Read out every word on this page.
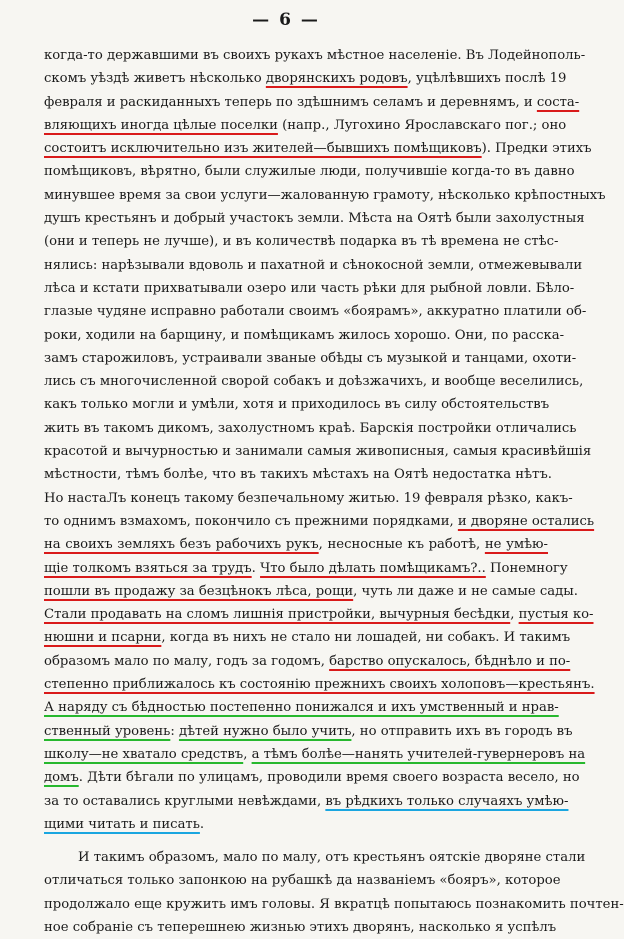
— 6 —
когда-то державшими въ своихъ рукахъ мѣстное населеніе. Въ Лодейнополь-
скомъ уѣздѣ живетъ нѣсколько дворянскихъ родовъ, уцѣлѣвшихъ послѣ 19
февраля и раскиданныхъ теперь по здѣшнимъ селамъ и деревнямъ, и соста-
вляющихъ иногда цѣлые поселки (напр., Лугохино Ярославскаго пог.; оно
состоитъ исключительно изъ жителей—бывшихъ помѣщиковъ). Предки этихъ
помѣщиковъ, вѣрятно, были служилые люди, получившіе когда-то въ давно
минувшее время за свои услуги—жалованную грамоту, нѣсколько крѣпостныхъ
душъ крестьянъ и добрый участокъ земли. Мѣста на Оятѣ были захолустныя
(они и теперь не лучше), и въ количествѣ подарка въ тѣ времена не стѣс-
нялись: нарѣзывали вдоволь и пахатной и сѣнокосной земли, отмежевывали
лѣса и кстати прихватывали озеро или часть рѣки для рыбной ловли. Бѣло-
глазые чудяне исправно работали своимъ «боярамъ», аккуратно платили об-
роки, ходили на барщину, и помѣщикамъ жилось хорошо. Они, по расска-
замъ старожиловъ, устраивали званые обѣды съ музыкой и танцами, охоти-
лись съ многочисленной сворой собакъ и доѣзжачихъ, и вообще веселились,
какъ только могли и умѣли, хотя и приходилось въ силу обстоятельствъ
жить въ такомъ дикомъ, захолустномъ краѣ. Барскія постройки отличались
красотой и вычурностью и занимали самыя живописныя, самыя красивѣйшія
мѣстности, тѣмъ болѣе, что въ такихъ мѣстахъ на Оятѣ недостатка нѣтъ.
Но настаЛъ конецъ такому безпечальному житью. 19 февраля рѣзко, какъ-
то однимъ взмахомъ, покончило съ прежними порядками, и дворяне остались
на своихъ земляхъ безъ рабочихъ рукъ, несносные къ работѣ, не умѣю-
щіе толкомъ взяться за трудъ. Что было дѣлать помѣщикамъ?.. Понемногу
пошли въ продажу за безцѣнокъ лѣса, рощи, чуть ли даже и не самые сады.
Стали продавать на сломъ лишнія пристройки, вычурныя бесѣдки, пустыя ко-
нюшни и псарни, когда въ нихъ не стало ни лошадей, ни собакъ. И такимъ
образомъ мало по малу, годъ за годомъ, барство опускалось, бѣднѣло и по-
степенно приближалось къ состоянію прежнихъ своихъ холоповъ—крестьянъ.
А наряду съ бѣдностью постепенно понижался и ихъ умственный и нрав-
ственный уровень: дѣтей нужно было учить, но отправить ихъ въ городъ въ
школу—не хватало средствъ, а тѣмъ болѣе—нанять учителей-гувернеровъ на
домъ. Дѣти бѣгали по улицамъ, проводили время своего возраста весело, но
за то оставались круглыми невѣждами, въ рѣдкихъ только случаяхъ умѣю-
щими читать и писать.
И такимъ образомъ, мало по малу, отъ крестьянъ оятскіе дворяне стали
отличаться только запонкою на рубашкѣ да названіемъ «бояръ», которое
продолжало еще кружить имъ головы. Я вкратцѣ попытаюсь познакомить почтен-
ное собраніе съ теперешнею жизнью этихъ дворянъ, насколько я успѣлъ
